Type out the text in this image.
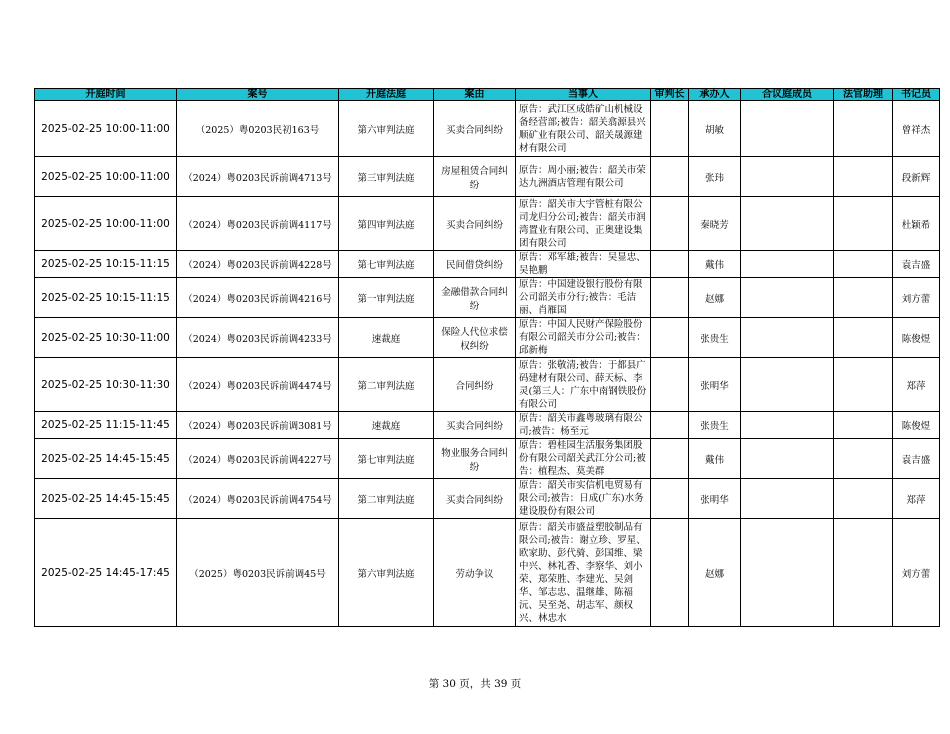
开庭时间	案号	开庭法庭	案由	当事人	审判长	承办人	合议庭成员	法官助理	书记员
2025-02-25 10:00-11:00	（2025）粤0203民初163号	第六审判法庭	买卖合同纠纷	原告：武江区成皓矿山机械设备经营部;被告：韶关翕源县兴顺矿业有限公司、韶关晟源建材有限公司		胡敏			曾祥杰
2025-02-25 10:00-11:00	（2024）粤0203民诉前调4713号	第三审判法庭	房屋租赁合同纠纷	原告：周小丽;被告：韶关市荣达九洲酒店管理有限公司		张玮			段新辉
2025-02-25 10:00-11:00	（2024）粤0203民诉前调4117号	第四审判法庭	买卖合同纠纷	原告：韶关市大宇管桩有限公司龙归分公司;被告：韶关市润湾置业有限公司、正奥建设集团有限公司		秦晓芳			杜颖希
2025-02-25 10:15-11:15	（2024）粤0203民诉前调4228号	第七审判法庭	民间借贷纠纷	原告：邓军雄;被告：吴显忠、吴艳鹏		戴伟			袁吉盛
2025-02-25 10:15-11:15	（2024）粤0203民诉前调4216号	第一审判法庭	金融借款合同纠纷	原告：中国建设银行股份有限公司韶关市分行;被告：毛洁丽、肖雁国		赵娜			刘方蕾
2025-02-25 10:30-11:00	（2024）粤0203民诉前调4233号	速裁庭	保险人代位求偿权纠纷	原告：中国人民财产保险股份有限公司韶关市分公司;被告：邱新梅		张贵生			陈俊煜
2025-02-25 10:30-11:30	（2024）粤0203民诉前调4474号	第二审判法庭	合同纠纷	原告：张敬清;被告：于都县广码建材有限公司、薛天标、李灵(第三人：广东中南钢铁股份有限公司		张明华			郑萍
2025-02-25 11:15-11:45	（2024）粤0203民诉前调3081号	速裁庭	买卖合同纠纷	原告：韶关市鑫粤玻璃有限公司;被告：杨至元		张贵生			陈俊煜
2025-02-25 14:45-15:45	（2024）粤0203民诉前调4227号	第七审判法庭	物业服务合同纠纷	原告：碧桂园生活服务集团股份有限公司韶关武江分公司;被告：植程杰、莫美群		戴伟			袁吉盛
2025-02-25 14:45-15:45	（2024）粤0203民诉前调4754号	第二审判法庭	买卖合同纠纷	原告：韶关市实信机电贸易有限公司;被告：日成(广东)水务建设股份有限公司		张明华			郑萍
2025-02-25 14:45-17:45	（2025）粤0203民诉前调45号	第六审判法庭	劳动争议	原告：韶关市盛益塑胶制品有限公司;被告：谢立珍、罗星、欧家助、彭代骑、彭国维、梁中兴、林礼香、李察华、刘小荣、郑荣胜、李建光、吴剑华、邹志忠、温继雄、陈福沅、吴至尧、胡志军、颜权兴、林忠水		赵娜			刘方蕾
第 30 页，共 39 页
